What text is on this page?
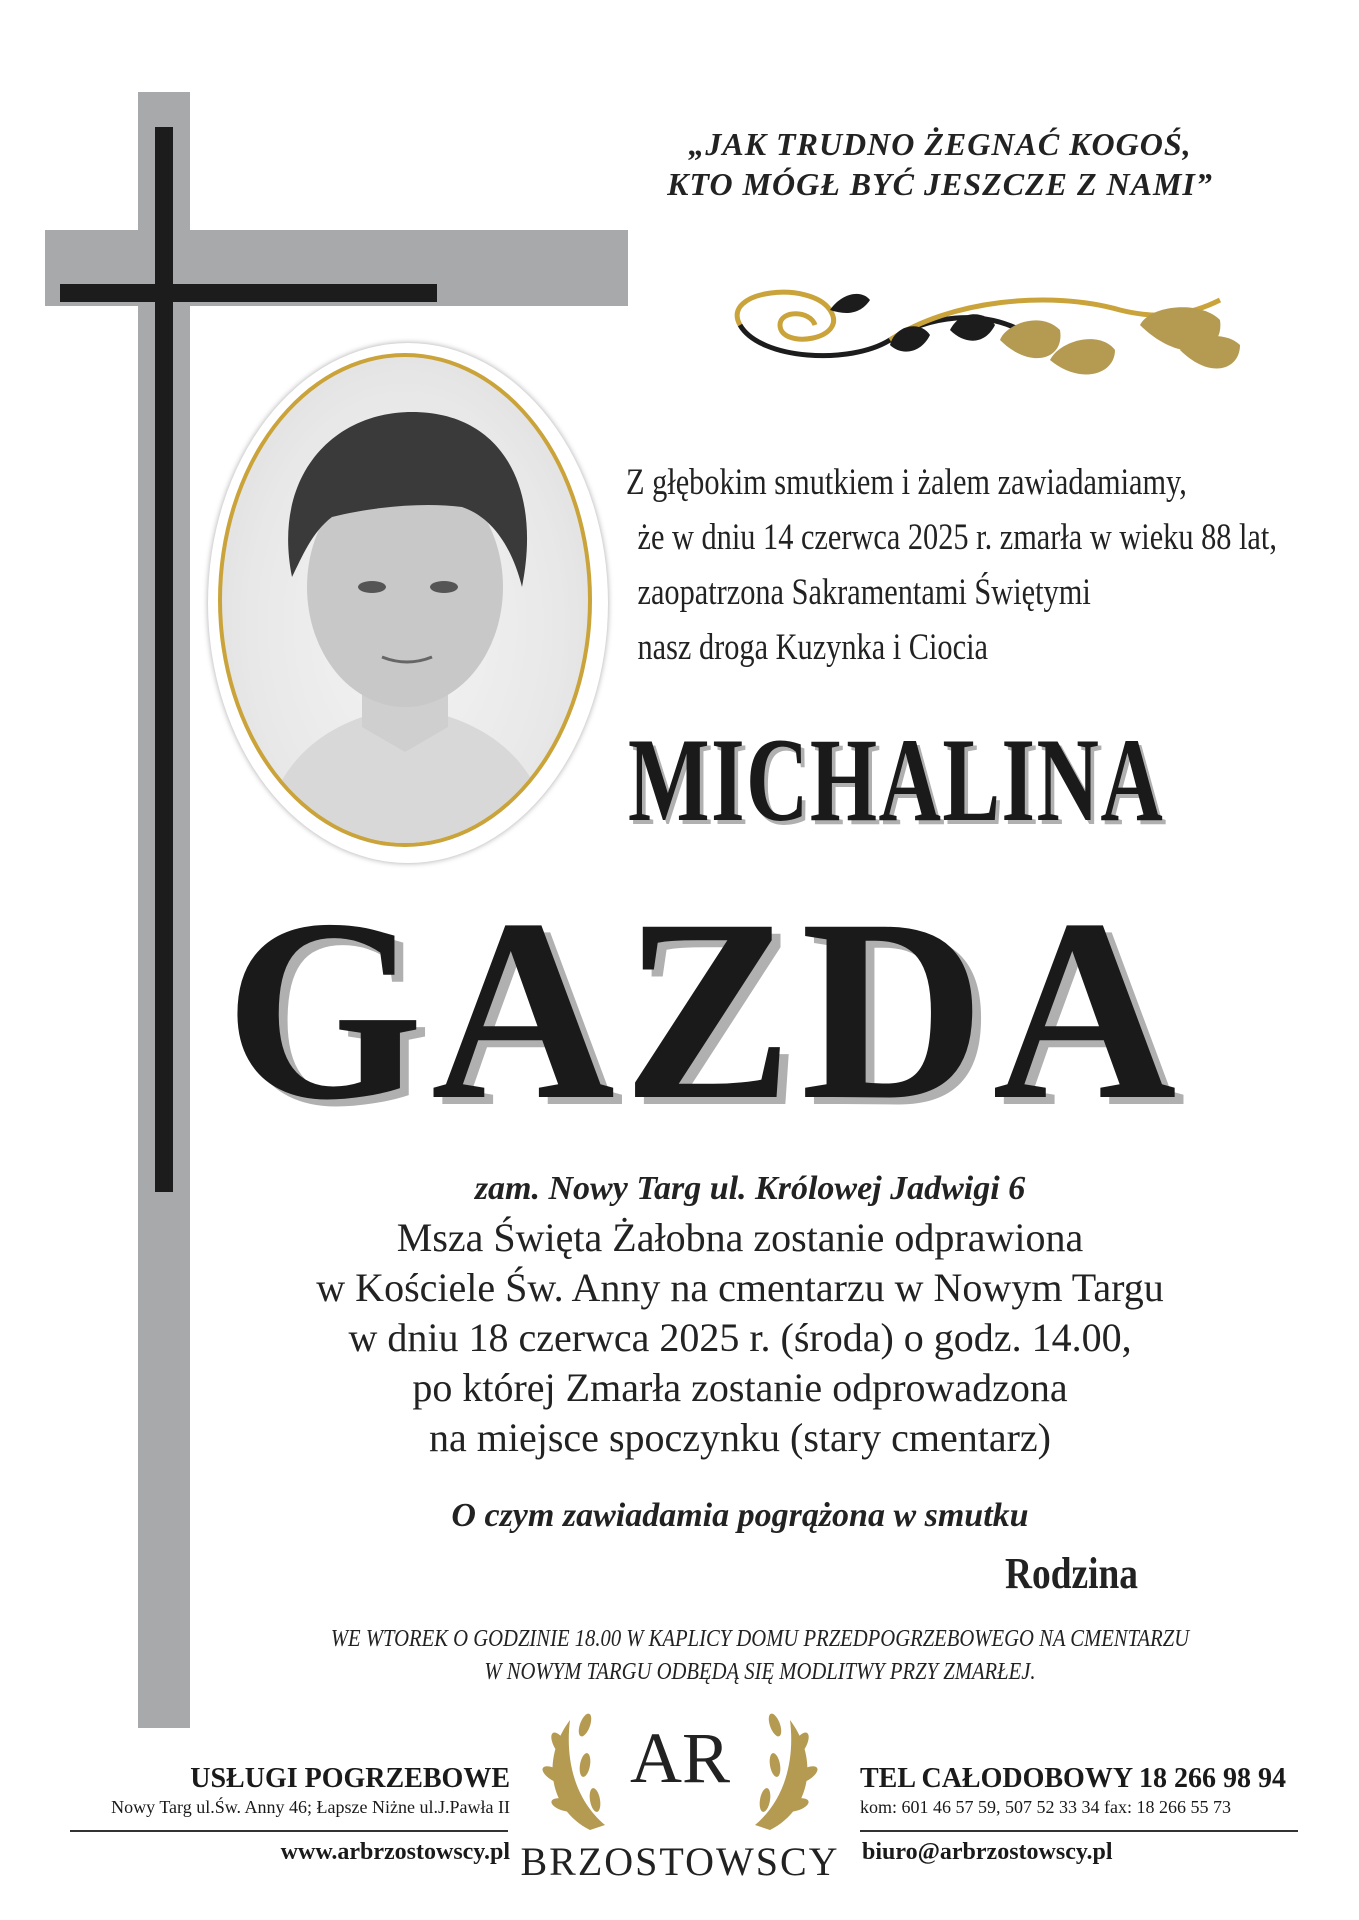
„JAK TRUDNO ŻEGNAĆ KOGOŚ,
KTO MÓGŁ BYĆ JESZCZE Z NAMI”
Z głębokim smutkiem i żalem zawiadamiamy,
że w dniu 14 czerwca 2025 r. zmarła w wieku 88 lat,
zaopatrzona Sakramentami Świętymi
nasz droga Kuzynka i Ciocia
MICHALINA
GAZDA
zam. Nowy Targ ul. Królowej Jadwigi 6
Msza Święta Żałobna zostanie odprawiona
w Kościele Św. Anny na cmentarzu w Nowym Targu
w dniu 18 czerwca 2025 r. (środa) o godz. 14.00,
po której Zmarła zostanie odprowadzona
na miejsce spoczynku (stary cmentarz)
O czym zawiadamia pogrążona w smutku
Rodzina
WE WTOREK O GODZINIE 18.00 W KAPLICY DOMU PRZEDPOGRZEBOWEGO NA CMENTARZU
W NOWYM TARGU ODBĘDĄ SIĘ MODLITWY PRZY ZMARŁEJ.
USŁUGI POGRZEBOWE
Nowy Targ ul.Św. Anny 46; Łapsze Niżne ul.J.Pawła II
www.arbrzostowscy.pl
AR
BRZOSTOWSCY
TEL CAŁODOBOWY 18 266 98 94
kom: 601 46 57 59, 507 52 33 34 fax: 18 266 55 73
biuro@arbrzostowscy.pl
